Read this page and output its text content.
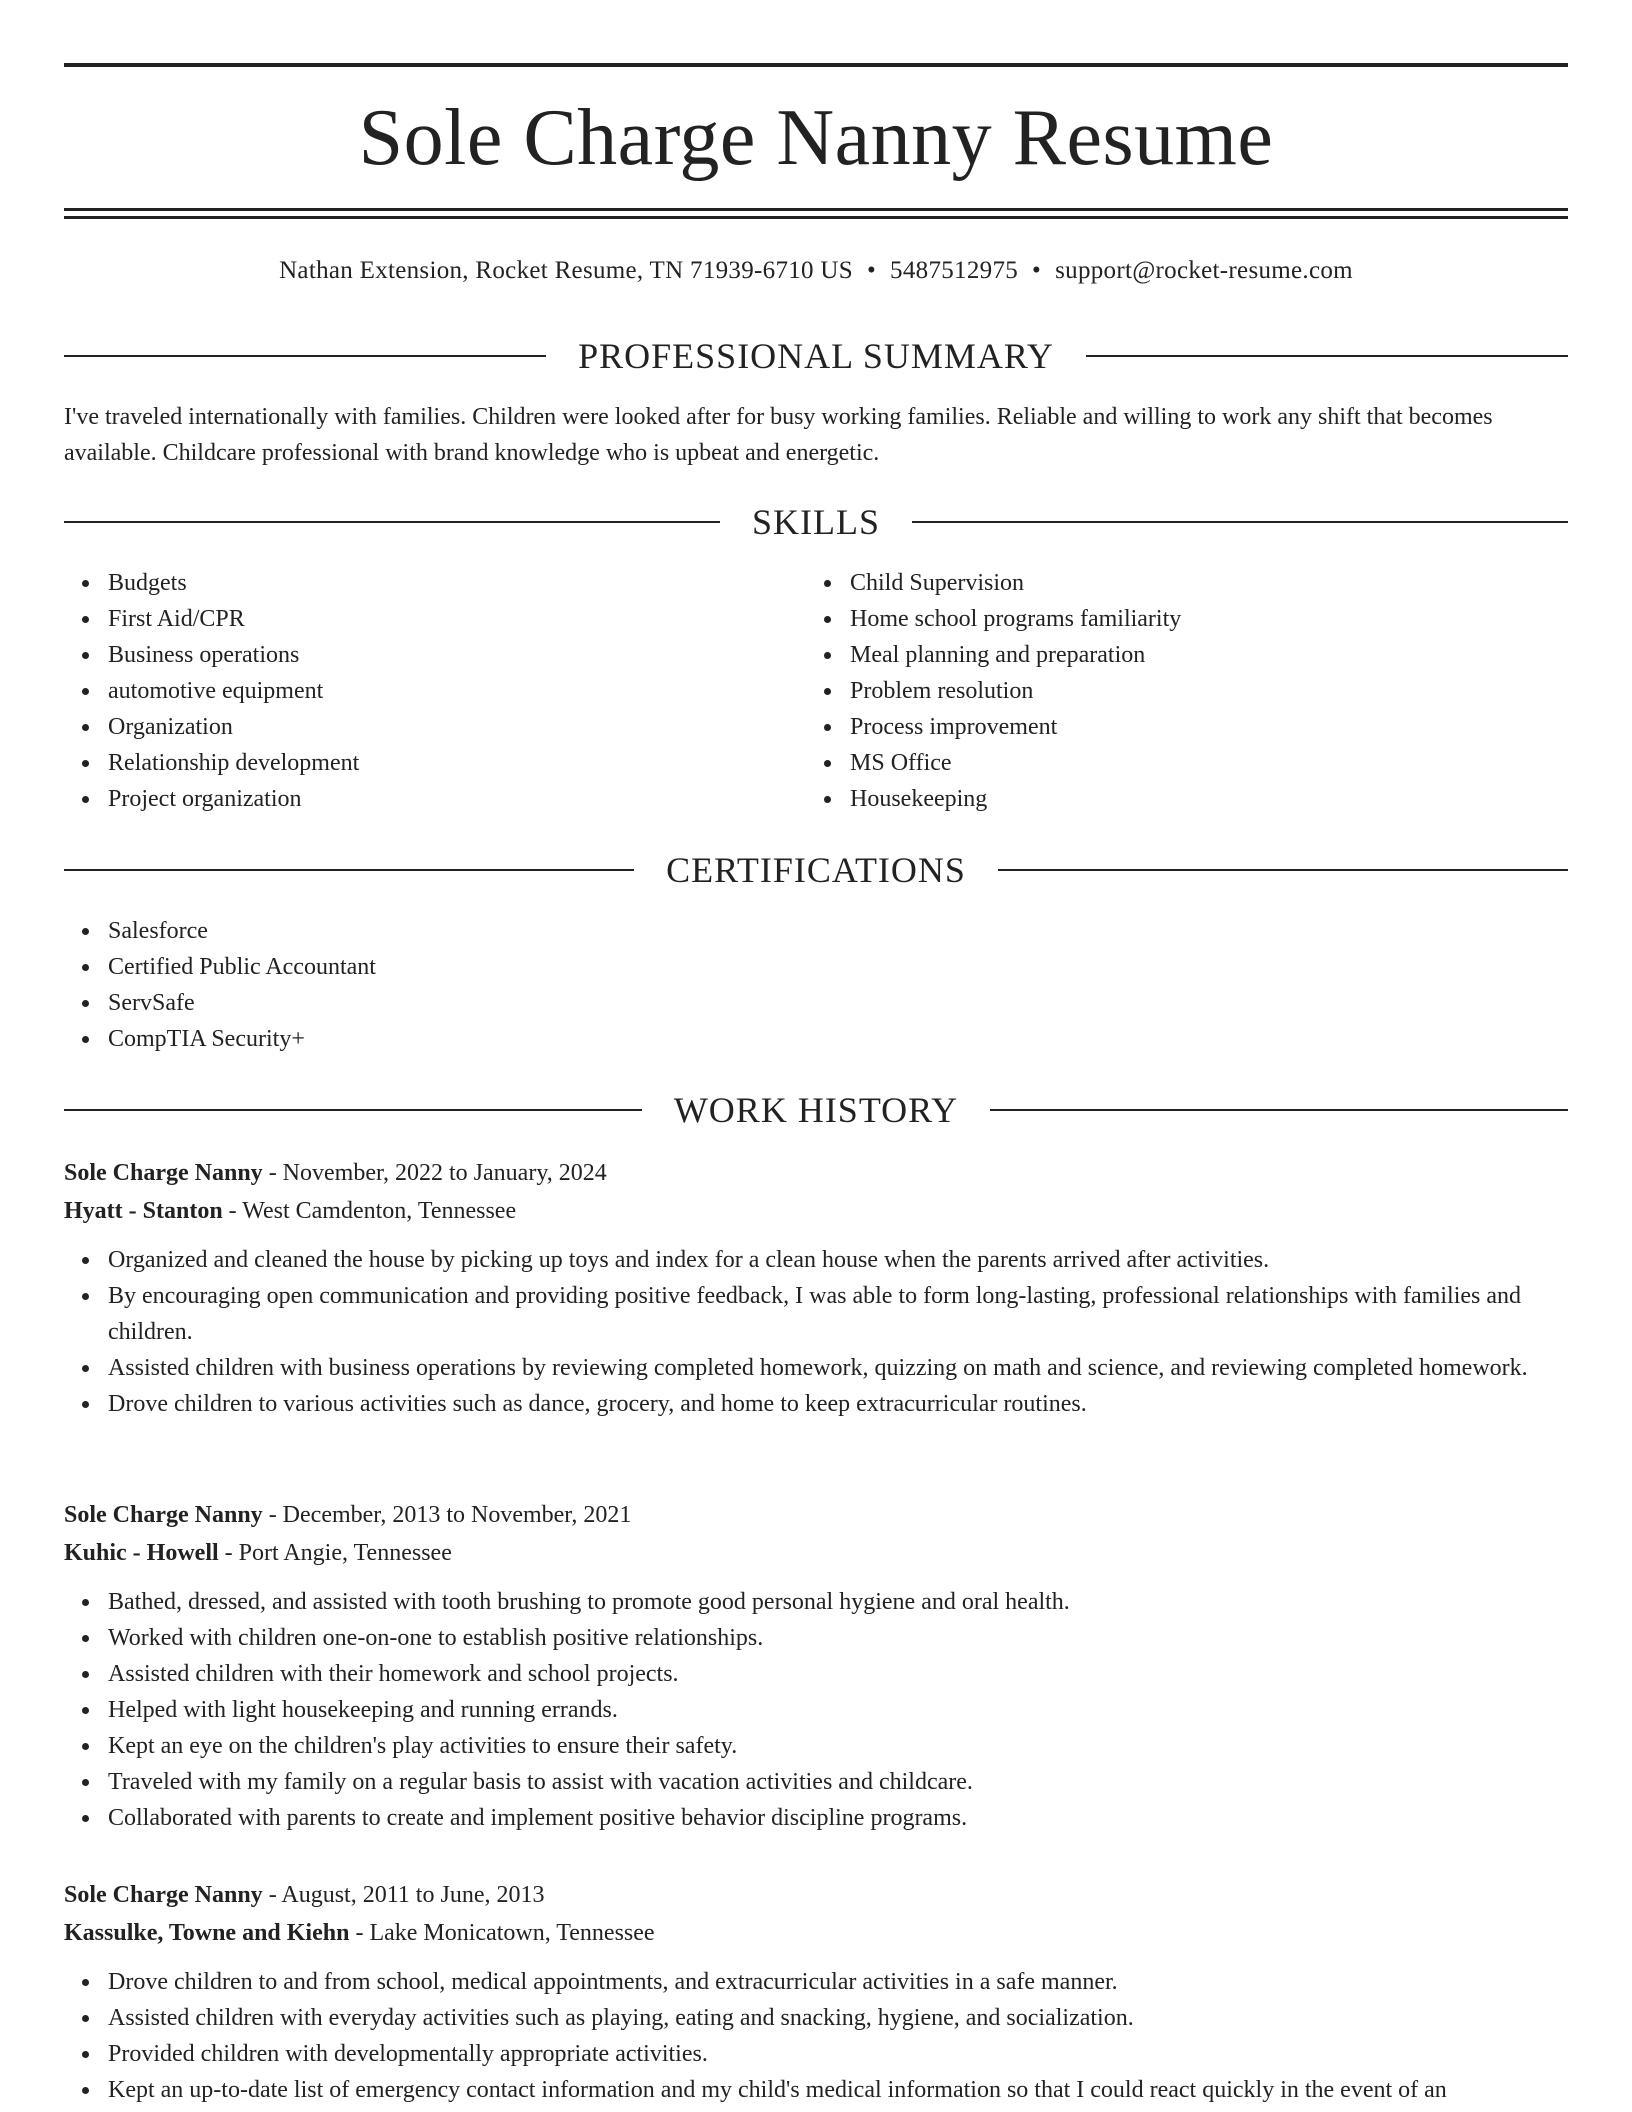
Sole Charge Nanny Resume
Nathan Extension, Rocket Resume, TN 71939-6710 US • 5487512975 • support@rocket-resume.com
PROFESSIONAL SUMMARY
I've traveled internationally with families. Children were looked after for busy working families. Reliable and willing to work any shift that becomes available. Childcare professional with brand knowledge who is upbeat and energetic.
SKILLS
Budgets
First Aid/CPR
Business operations
automotive equipment
Organization
Relationship development
Project organization
Child Supervision
Home school programs familiarity
Meal planning and preparation
Problem resolution
Process improvement
MS Office
Housekeeping
CERTIFICATIONS
Salesforce
Certified Public Accountant
ServSafe
CompTIA Security+
WORK HISTORY
Sole Charge Nanny - November, 2022 to January, 2024
Hyatt - Stanton - West Camdenton, Tennessee
Organized and cleaned the house by picking up toys and index for a clean house when the parents arrived after activities.
By encouraging open communication and providing positive feedback, I was able to form long-lasting, professional relationships with families and children.
Assisted children with business operations by reviewing completed homework, quizzing on math and science, and reviewing completed homework.
Drove children to various activities such as dance, grocery, and home to keep extracurricular routines.
Sole Charge Nanny - December, 2013 to November, 2021
Kuhic - Howell - Port Angie, Tennessee
Bathed, dressed, and assisted with tooth brushing to promote good personal hygiene and oral health.
Worked with children one-on-one to establish positive relationships.
Assisted children with their homework and school projects.
Helped with light housekeeping and running errands.
Kept an eye on the children's play activities to ensure their safety.
Traveled with my family on a regular basis to assist with vacation activities and childcare.
Collaborated with parents to create and implement positive behavior discipline programs.
Sole Charge Nanny - August, 2011 to June, 2013
Kassulke, Towne and Kiehn - Lake Monicatown, Tennessee
Drove children to and from school, medical appointments, and extracurricular activities in a safe manner.
Assisted children with everyday activities such as playing, eating and snacking, hygiene, and socialization.
Provided children with developmentally appropriate activities.
Kept an up-to-date list of emergency contact information and my child's medical information so that I could react quickly in the event of an
